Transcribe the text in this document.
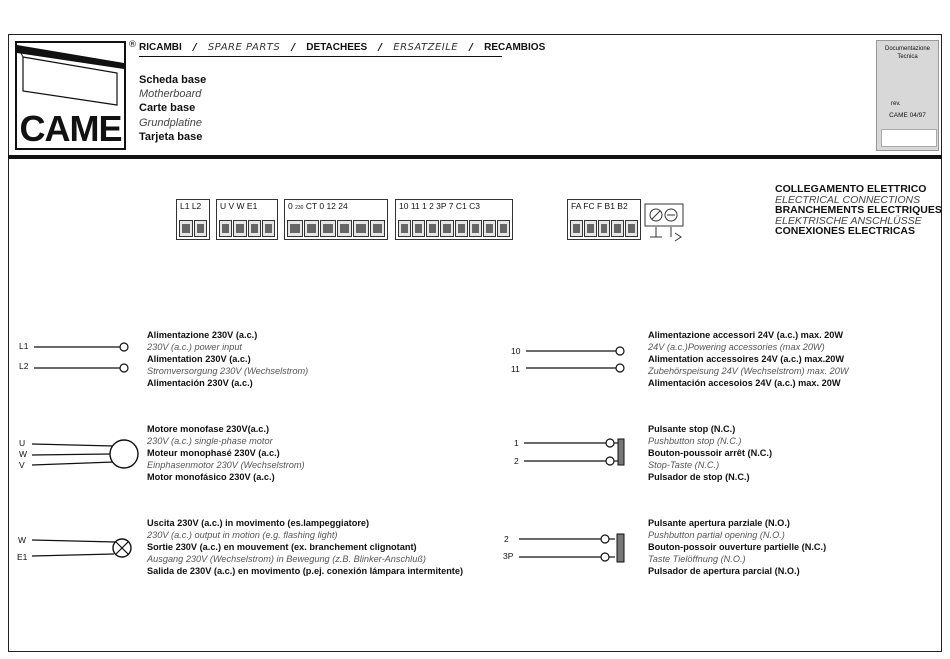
CAME
® RICAMBI / SPARE PARTS / DETACHEES / ERSATZEILE / RECAMBIOS
Scheda base
Motherboard
Carte base
Grundplatine
Tarjeta base
Documentazione
Tecnica
rev.
CAME 04/97
COLLEGAMENTO ELETTRICO
ELECTRICAL CONNECTIONS
BRANCHEMENTS ELECTRIQUES
ELEKTRISCHE ANSCHLÜSSE
CONEXIONES ELECTRICAS
L1 L2	U V W E1	0 230 CT 0 12 24	10 11 1 2 3P 7 C1 C3	FA FC F B1 B2
L1
L2
U
W
V
W
E1
10
11
1
2
2
3P
Alimentazione 230V (a.c.)
230V (a.c.) power input
Alimentation 230V (a.c.)
Stromversorgung 230V (Wechselstrom)
Alimentación 230V (a.c.)
Motore monofase 230V(a.c.)
230V (a.c.) single-phase motor
Moteur monophasé 230V (a.c.)
Einphasenmotor 230V (Wechselstrom)
Motor monofásico 230V (a.c.)
Uscita 230V (a.c.) in movimento (es.lampeggiatore)
230V (a.c.) output in motion (e.g. flashing light)
Sortie 230V (a.c.) en mouvement (ex. branchement clignotant)
Ausgang 230V (Wechselstrom) in Bewegung (z.B. Blinker-Anschluß)
Salida de 230V (a.c.) en movimento (p.ej. conexión lámpara intermitente)
Alimentazione accessori 24V (a.c.) max. 20W
24V (a.c.)Powering accessories (max 20W)
Alimentation accessoires 24V (a.c.) max.20W
Zubehörspeisung 24V (Wechselstrom) max. 20W
Alimentación accesoios 24V (a.c.) max. 20W
Pulsante stop (N.C.)
Pushbutton stop (N.C.)
Bouton-poussoir arrêt (N.C.)
Stop-Taste (N.C.)
Pulsador de stop (N.C.)
Pulsante apertura parziale (N.O.)
Pushbutton partial opening (N.O.)
Bouton-possoir ouverture partielle (N.C.)
Taste Tielöffnung (N.O.)
Pulsador de apertura parcial (N.O.)
